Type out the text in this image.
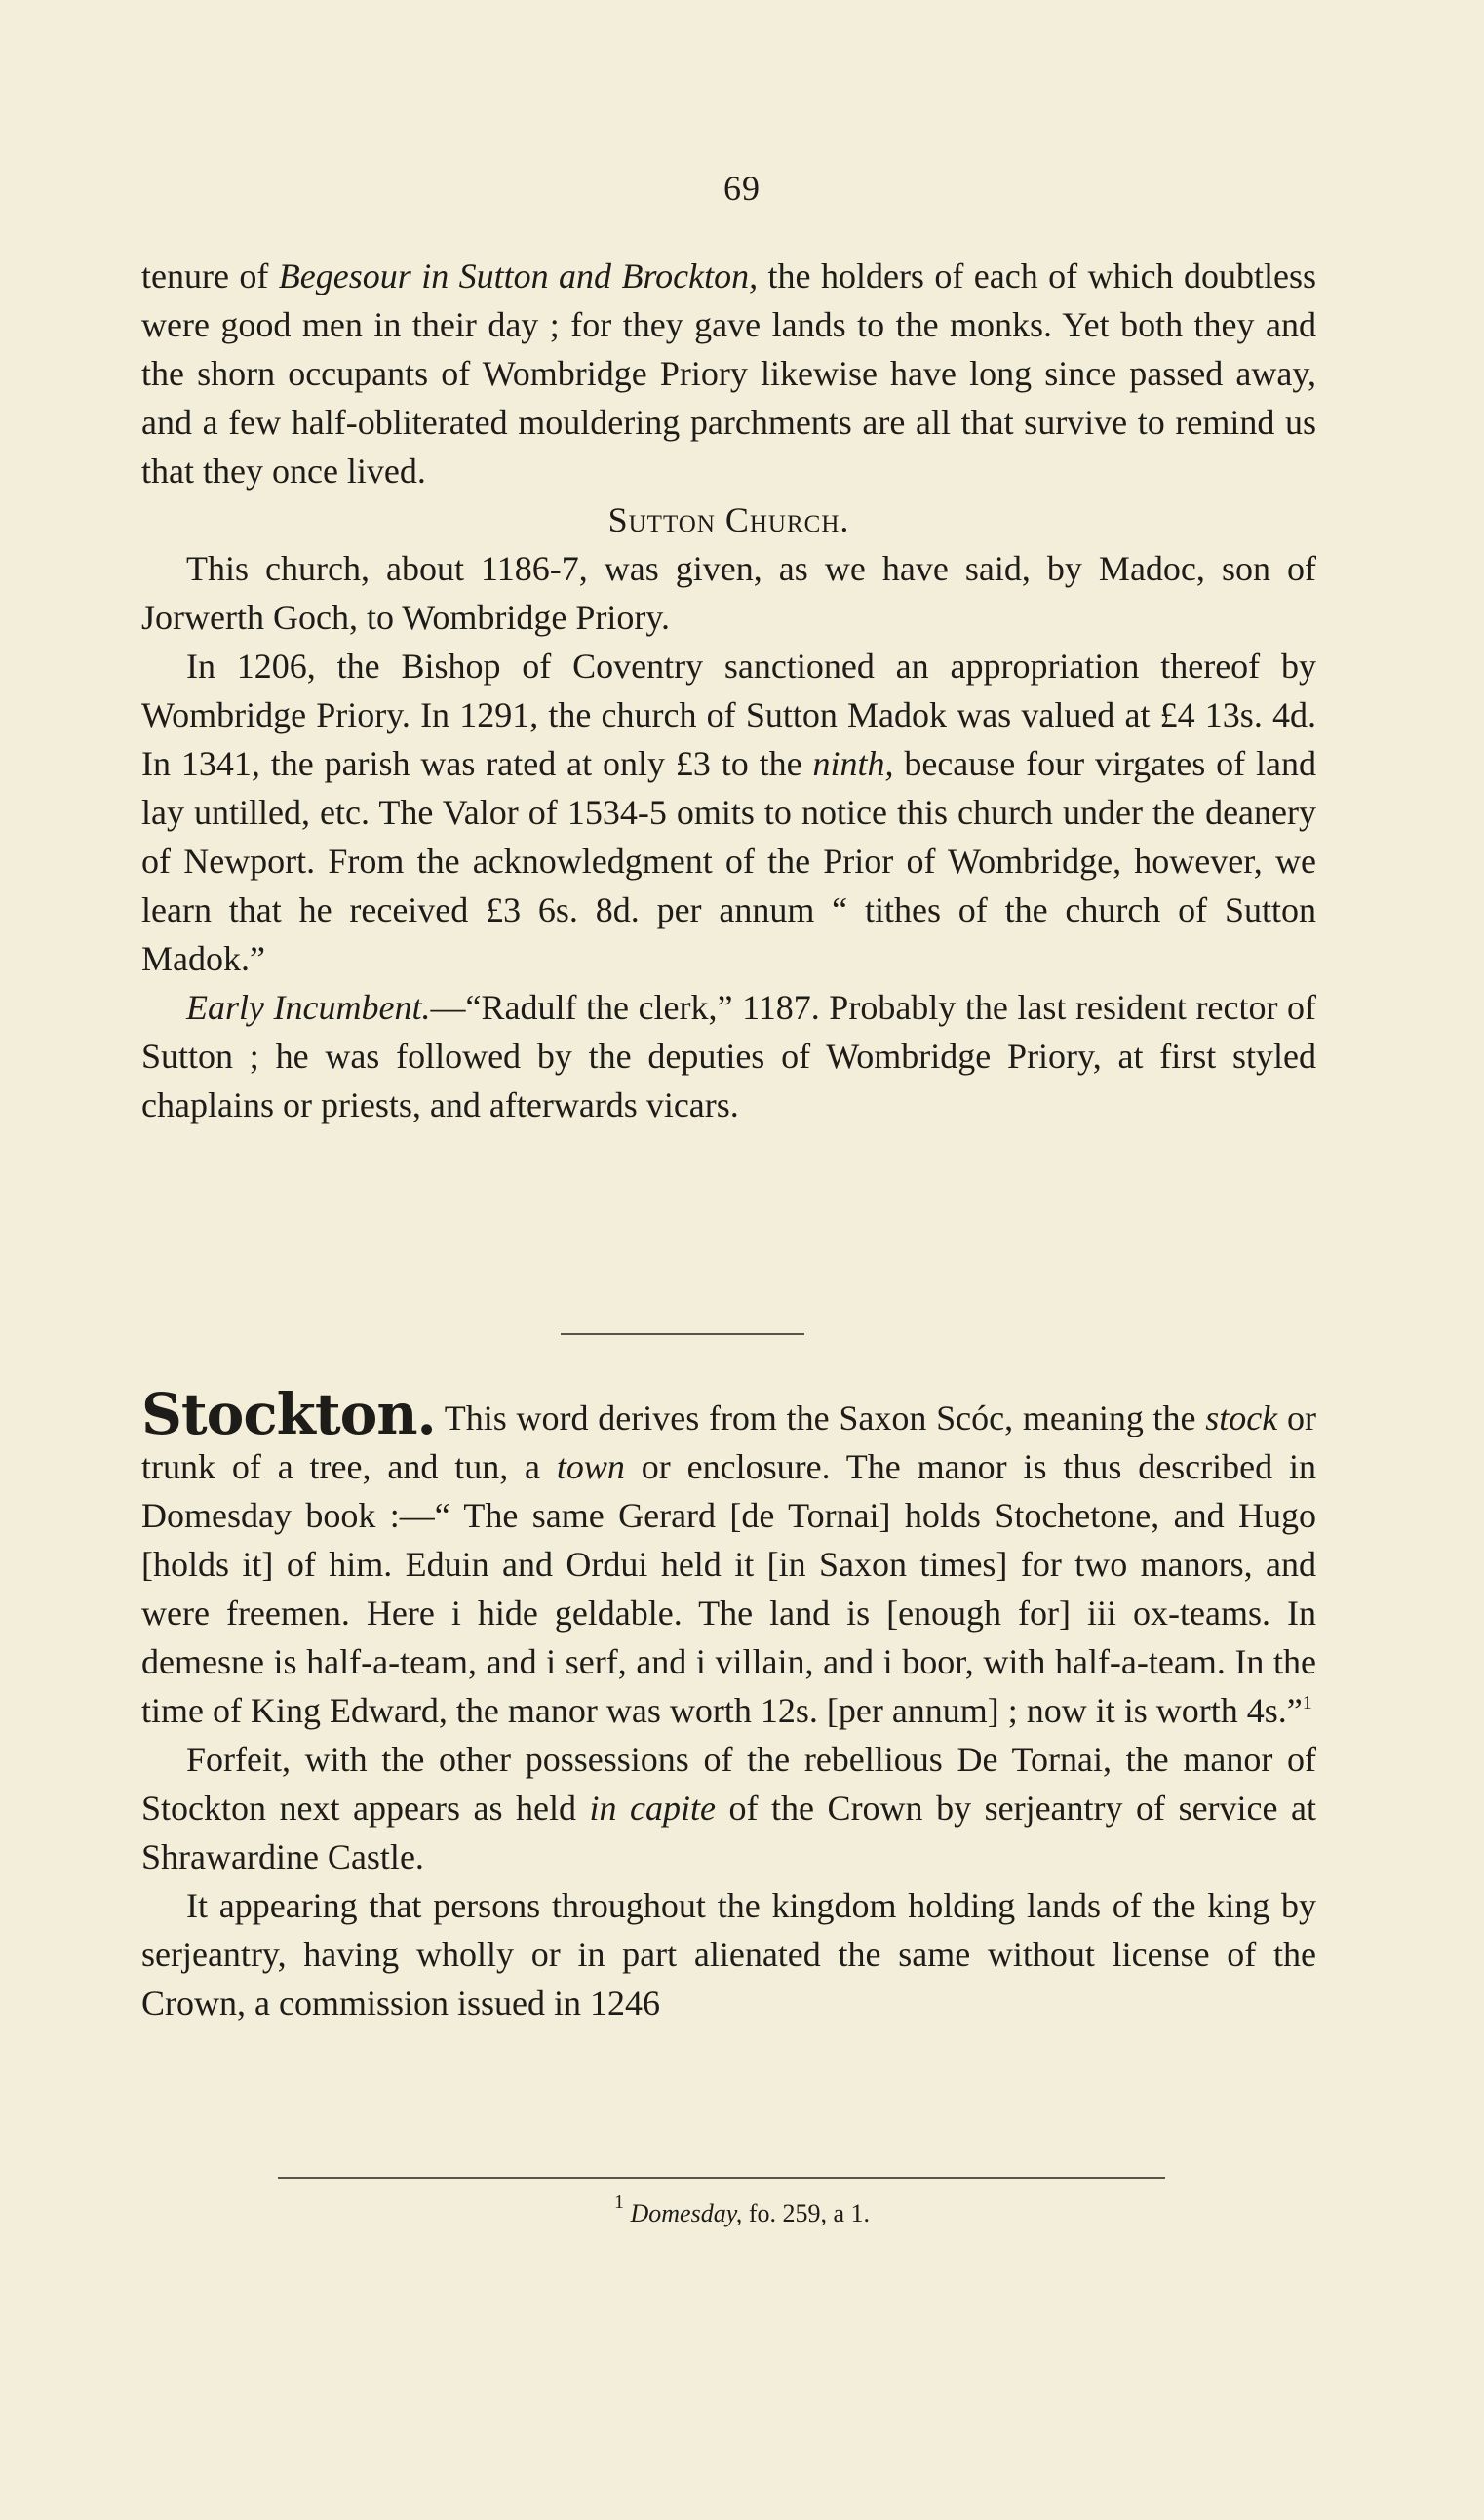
69

tenure of Begesour in Sutton and Brockton, the holders of each of which doubtless were good men in their day ; for they gave lands to the monks. Yet both they and the shorn occupants of Wombridge Priory likewise have long since passed away, and a few half-obliterated mouldering parchments are all that survive to remind us that they once lived.

Sutton Church.

This church, about 1186-7, was given, as we have said, by Madoc, son of Jorwerth Goch, to Wombridge Priory.

In 1206, the Bishop of Coventry sanctioned an appropriation thereof by Wombridge Priory. In 1291, the church of Sutton Madok was valued at £4 13s. 4d. In 1341, the parish was rated at only £3 to the ninth, because four virgates of land lay untilled, etc. The Valor of 1534-5 omits to notice this church under the deanery of Newport. From the acknowledgment of the Prior of Wombridge, however, we learn that he received £3 6s. 8d. per annum “ tithes of the church of Sutton Madok.”

Early Incumbent.—“Radulf the clerk,” 1187. Probably the last resident rector of Sutton ; he was followed by the deputies of Wombridge Priory, at first styled chaplains or priests, and afterwards vicars.

Stockton. This word derives from the Saxon Scóc, meaning the stock or trunk of a tree, and tun, a town or enclosure. The manor is thus described in Domesday book :—“ The same Gerard [de Tornai] holds Stochetone, and Hugo [holds it] of him. Eduin and Ordui held it [in Saxon times] for two manors, and were freemen. Here i hide geldable. The land is [enough for] iii ox-teams. In demesne is half-a-team, and i serf, and i villain, and i boor, with half-a-team. In the time of King Edward, the manor was worth 12s. [per annum] ; now it is worth 4s.”$^1$

Forfeit, with the other possessions of the rebellious De Tornai, the manor of Stockton next appears as held in capite of the Crown by serjeantry of service at Shrawardine Castle.

It appearing that persons throughout the kingdom holding lands of the king by serjeantry, having wholly or in part alienated the same without license of the Crown, a commission issued in 1246

$^1$ Domesday, fo. 259, a 1.
